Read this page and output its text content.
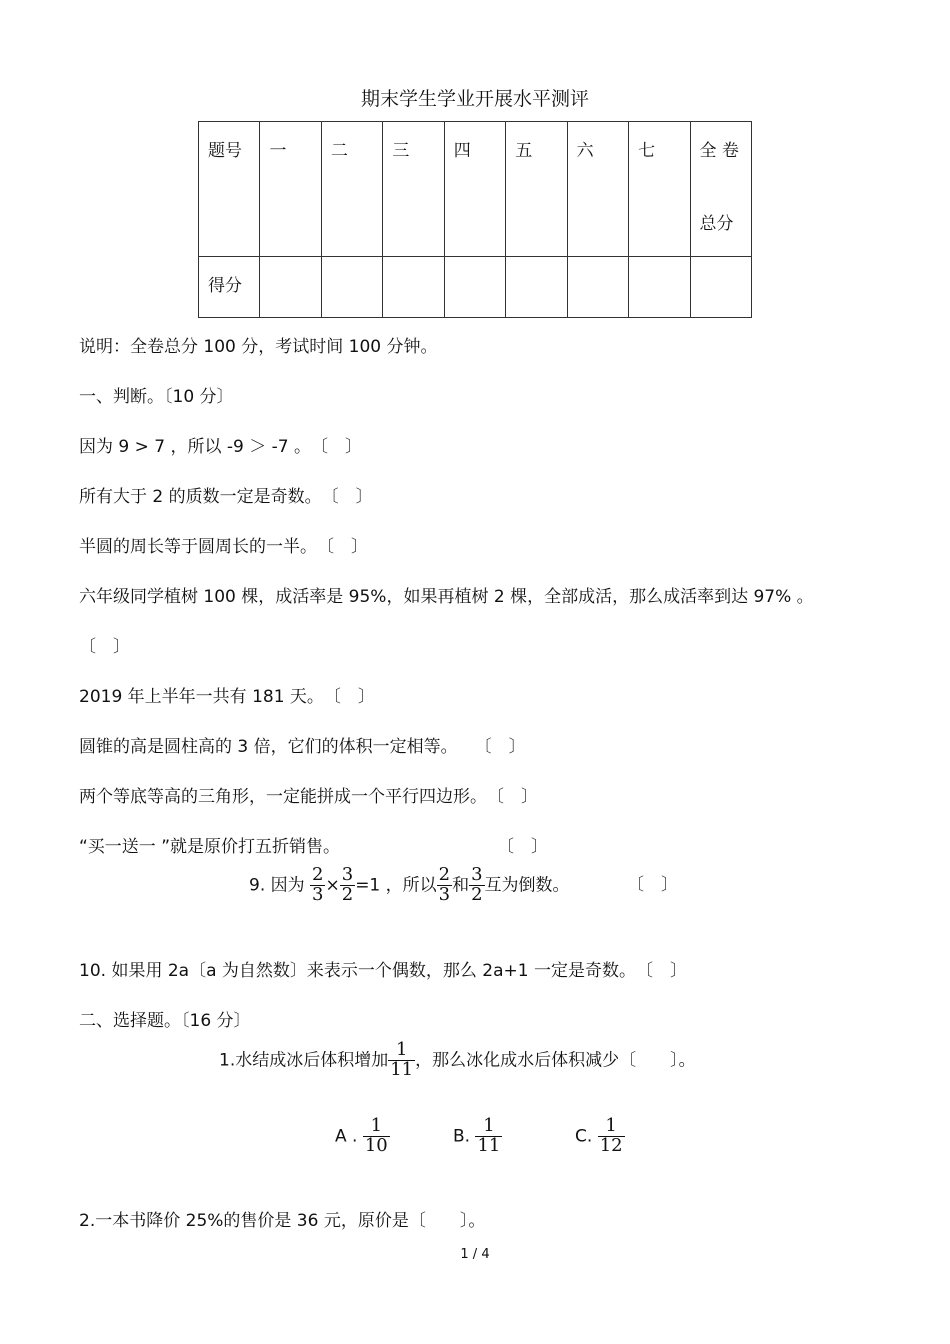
期末学生学业开展水平测评
题号	一	二	三	四	五	六	七	全 卷
总分

得分								
说明：全卷总分 100 分，考试时间 100 分钟。
一、判断。〔10 分〕
因为 9 > 7 ，所以 -9 ＞ -7 。　〔　〕
所有大于 2 的质数一定是奇数。　〔　〕
半圆的周长等于圆周长的一半。　〔　〕
六年级同学植树 100 棵，成活率是 95%，如果再植树 2 棵，全部成活，那么成活率到达 97% 。
〔　〕
2019 年上半年一共有 181 天。　〔　〕
圆锥的高是圆柱高的 3 倍，它们的体积一定相等。　　〔　〕
两个等底等高的三角形，一定能拼成一个平行四边形。　〔　〕
“买一送一 ”就是原价打五折销售。	〔　〕
9. 因为 $\frac{2}{3} \times \frac{3}{2} =1$ ，所以 $\frac{2}{3}$ 和 $\frac{3}{2}$ 互为倒数。	〔　〕
10. 如果用 2a〔a 为自然数〕来表示一个偶数，那么 2a+1 一定是奇数。　〔　〕
二、选择题。〔16 分〕
1.水结成冰后体积增加 $\frac{1}{11}$ ，那么冰化成水后体积减少〔　　〕。
A . $\frac{1}{10}$	B. $\frac{1}{11}$	C. $\frac{1}{12}$
2.一本书降价 25%的售价是 36 元，原价是〔　　〕。
1 / 4
